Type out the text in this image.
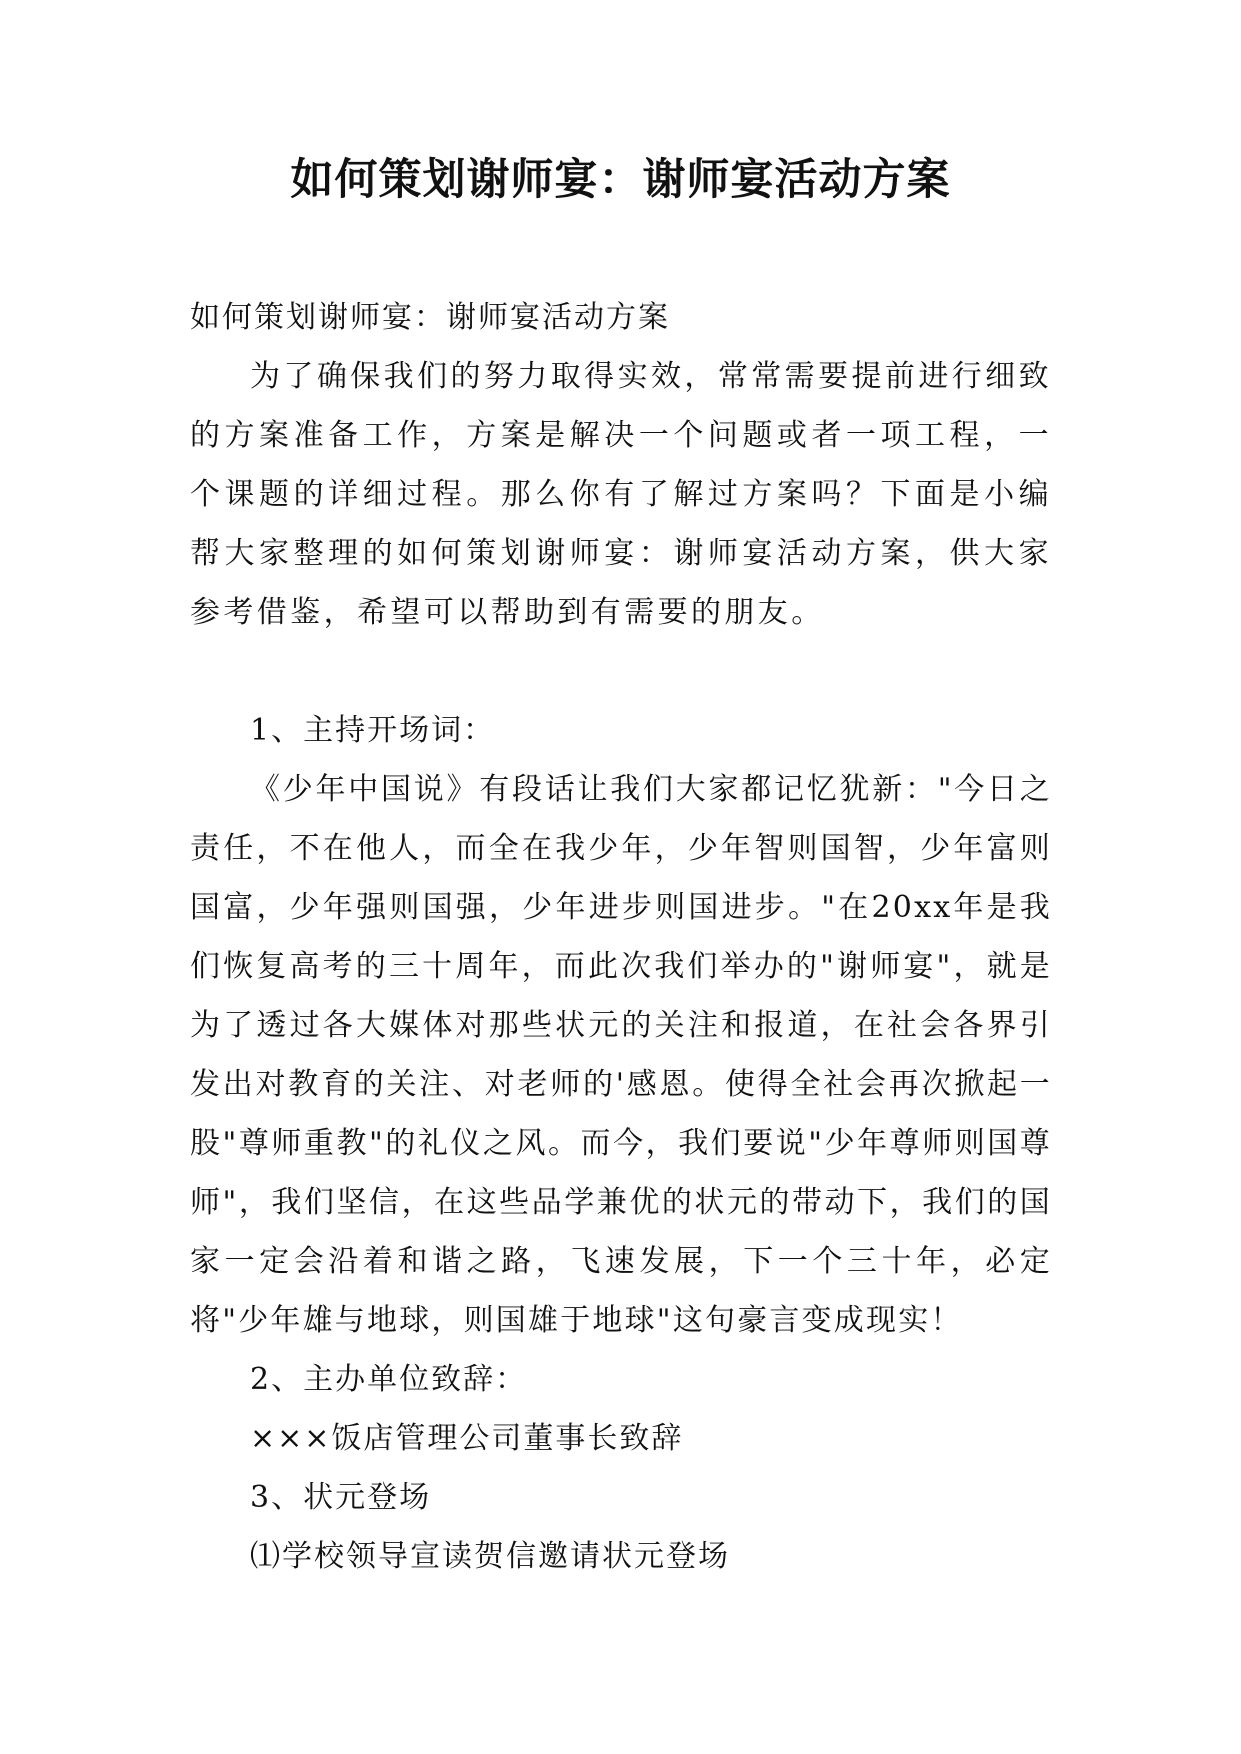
如何策划谢师宴：谢师宴活动方案

如何策划谢师宴：谢师宴活动方案

为了确保我们的努力取得实效，常常需要提前进行细致的方案准备工作，方案是解决一个问题或者一项工程，一个课题的详细过程。那么你有了解过方案吗？下面是小编帮大家整理的如何策划谢师宴：谢师宴活动方案，供大家参考借鉴，希望可以帮助到有需要的朋友。

1、主持开场词：

《少年中国说》有段话让我们大家都记忆犹新："今日之责任，不在他人，而全在我少年，少年智则国智，少年富则国富，少年强则国强，少年进步则国进步。"在20xx年是我们恢复高考的三十周年，而此次我们举办的"谢师宴"，就是为了透过各大媒体对那些状元的关注和报道，在社会各界引发出对教育的关注、对老师的'感恩。使得全社会再次掀起一股"尊师重教"的礼仪之风。而今，我们要说"少年尊师则国尊师"，我们坚信，在这些品学兼优的状元的带动下，我们的国家一定会沿着和谐之路，飞速发展，下一个三十年，必定将"少年雄与地球，则国雄于地球"这句豪言变成现实！

2、主办单位致辞：

×××饭店管理公司董事长致辞

3、状元登场

⑴学校领导宣读贺信邀请状元登场
